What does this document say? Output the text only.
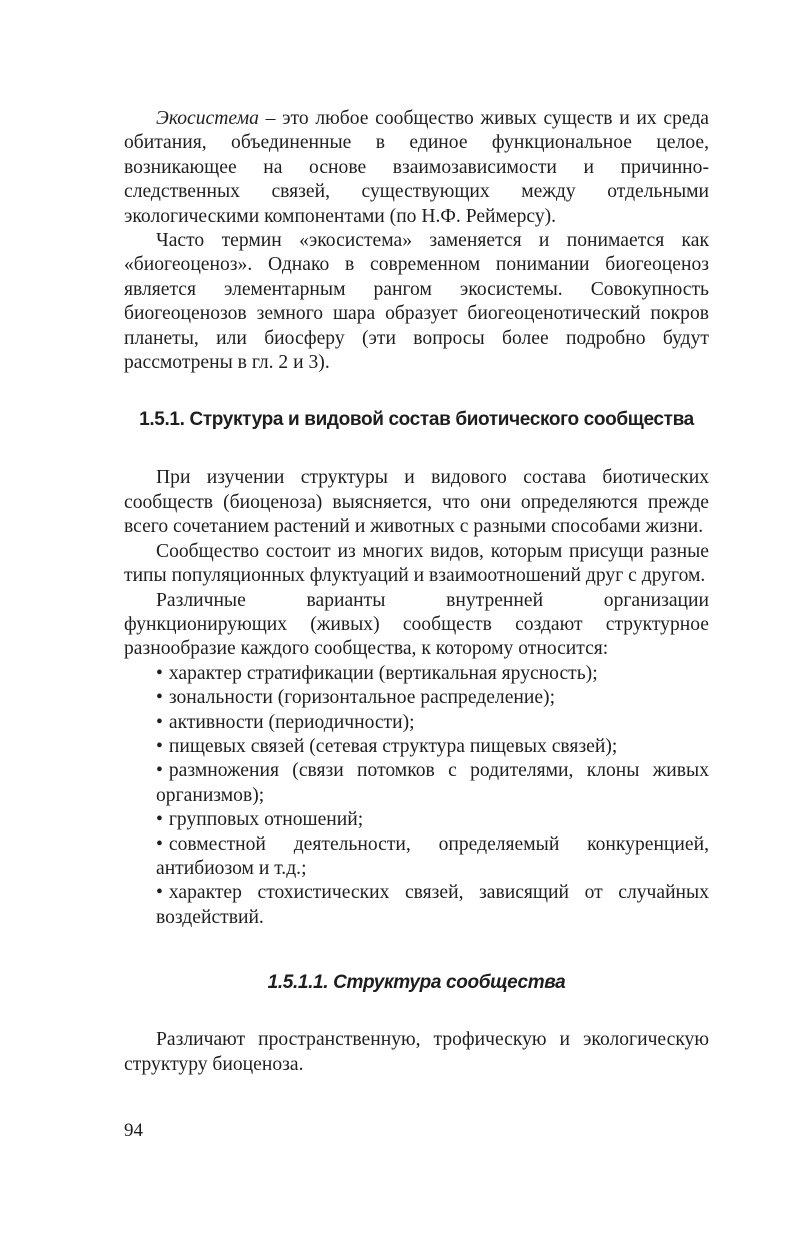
Экосистема – это любое сообщество живых существ и их среда обитания, объединенные в единое функциональное целое, возникающее на основе взаимозависимости и причинно-следственных связей, существующих между отдельными экологическими компонентами (по Н.Ф. Реймерсу).

Часто термин «экосистема» заменяется и понимается как «биогеоценоз». Однако в современном понимании биогеоценоз является элементарным рангом экосистемы. Совокупность биогеоценозов земного шара образует биогеоценотический покров планеты, или биосферу (эти вопросы более подробно будут рассмотрены в гл. 2 и 3).

1.5.1. Структура и видовой состав биотического сообщества

При изучении структуры и видового состава биотических сообществ (биоценоза) выясняется, что они определяются прежде всего сочетанием растений и животных с разными способами жизни.

Сообщество состоит из многих видов, которым присущи разные типы популяционных флуктуаций и взаимоотношений друг с другом.

Различные варианты внутренней организации функционирующих (живых) сообществ создают структурное разнообразие каждого сообщества, к которому относится:

• характер стратификации (вертикальная ярусность);

• зональности (горизонтальное распределение);

• активности (периодичности);

• пищевых связей (сетевая структура пищевых связей);

• размножения (связи потомков с родителями, клоны живых организмов);

• групповых отношений;

• совместной деятельности, определяемый конкуренцией, антибиозом и т.д.;

• характер стохистических связей, зависящий от случайных воздействий.

1.5.1.1. Структура сообщества

Различают пространственную, трофическую и экологическую структуру биоценоза.

94
